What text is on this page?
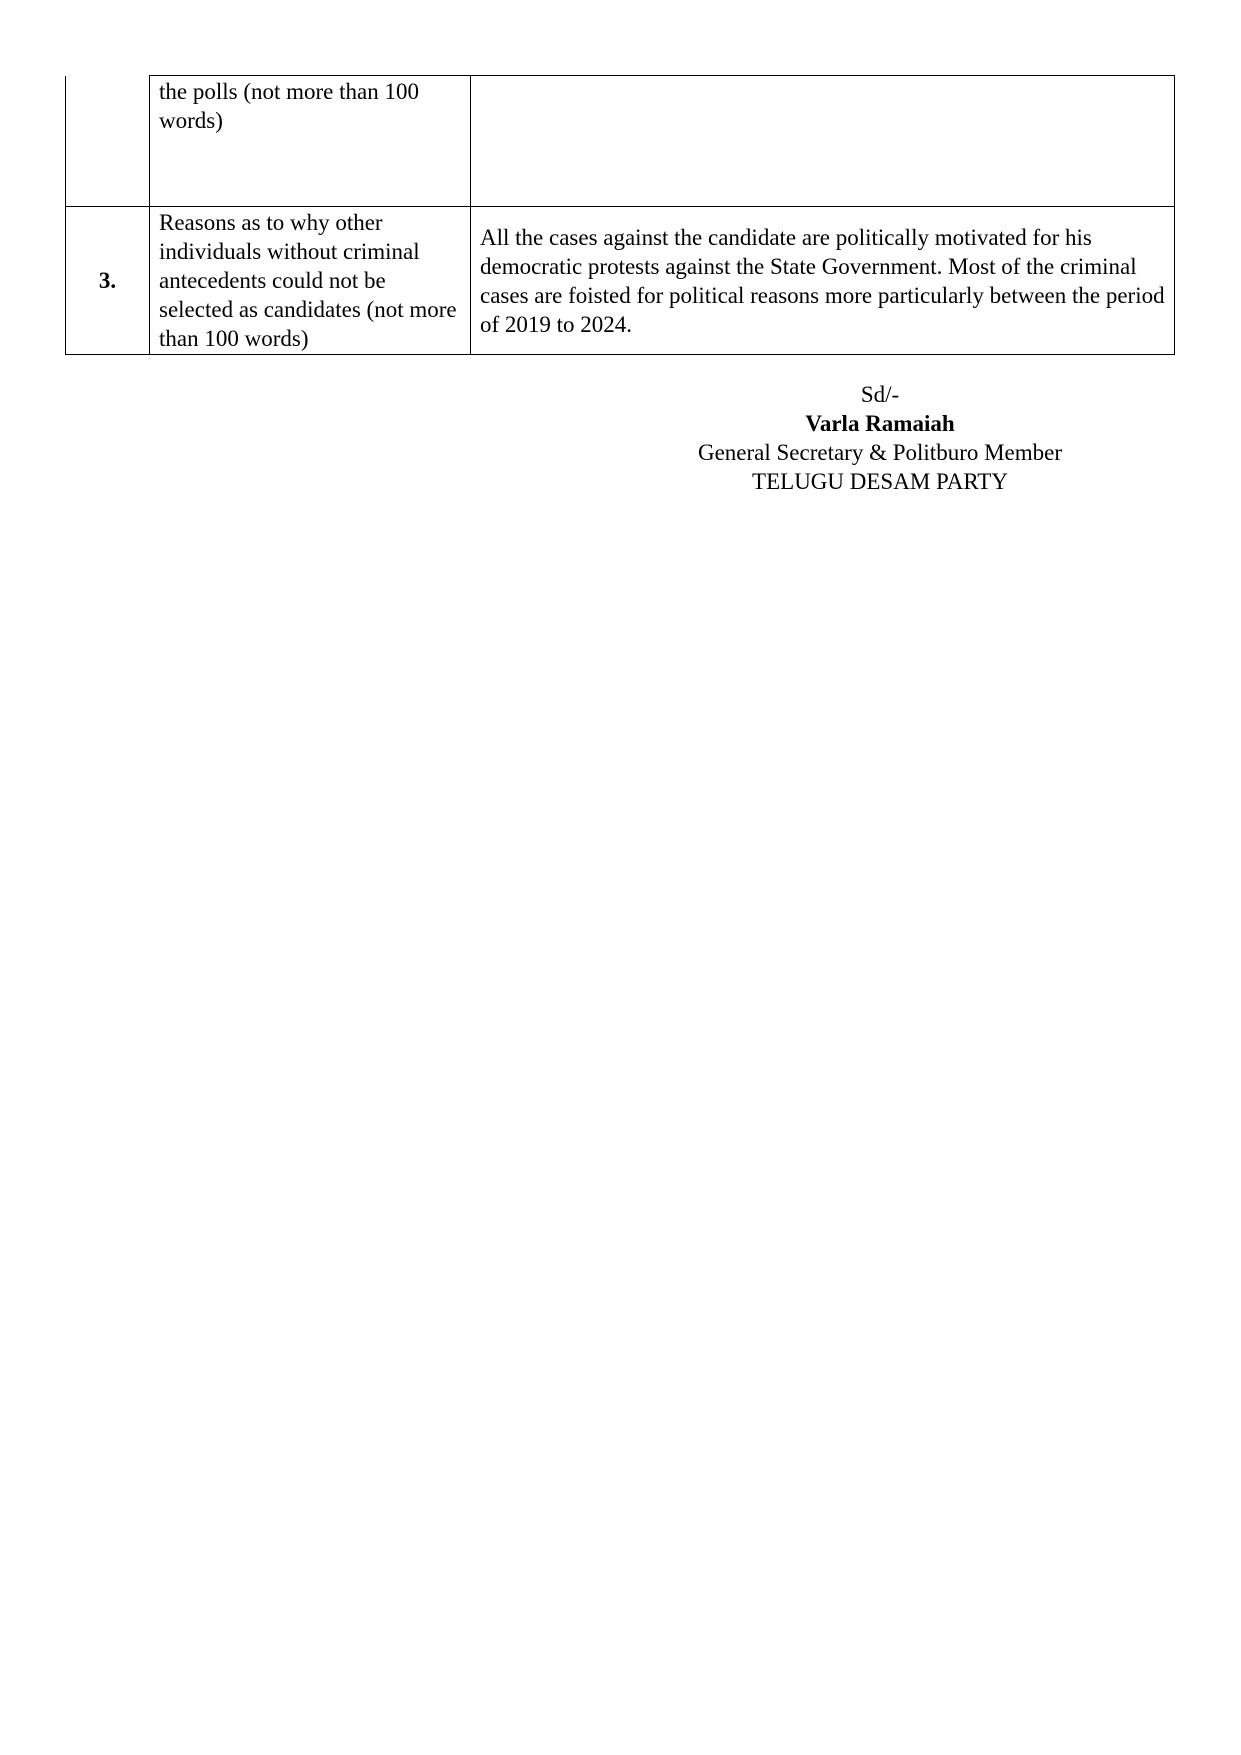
	the polls (not more than 100 words)	
3.	Reasons as to why other individuals without criminal antecedents could not be selected as candidates (not more than 100 words)	All the cases against the candidate are politically motivated for his democratic protests against the State Government. Most of the criminal cases are foisted for political reasons more particularly between the period of 2019 to 2024.
Sd/-
Varla Ramaiah
General Secretary & Politburo Member
TELUGU DESAM PARTY
